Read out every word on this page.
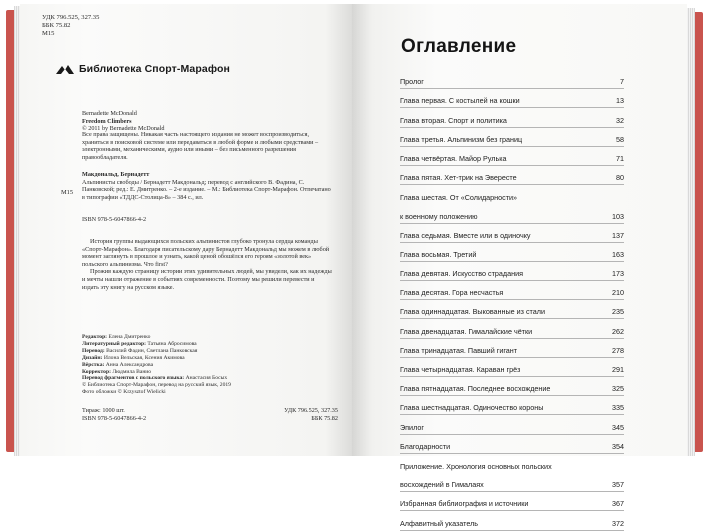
УДК 796.525, 327.35
ББК 75.82
М15
Библиотека Спорт-Марафон
Bernadette McDonald
Freedom Climbers
© 2011 by Bernadette McDonald
Все права защищены. Никакая часть настоящего издания не может воспроизводиться, храниться в поисковой системе или передаваться в любой форме и любыми средствами – электронными, механическими, аудио или иными – без письменного разрешения правообладателя.
М15
Макдональд, Бернадетт
Альпинисты свободы / Бернадетт Макдональд; перевод с английского В. Фадина, С. Панковской; ред.: Е. Дмитренко. – 2-е издание. – М.: Библиотека Спорт-Марафон. Отпечатано в типографии «ТДДС-Столица-8» – 384 с., ил.
ISBN 978-5-6047866-4-2

История группы выдающихся польских альпинистов глубоко тронула сердца команды «Спорт-Марафон». Благодаря писательскому дару Бернадетт Макдональд мы можем в любой момент заглянуть в прошлое и узнать, какой ценой обошёлся его героям «золотой век» польского альпинизма. Что first?

Прожив каждую страницу истории этих удивительных людей, мы увидели, как их надежды и мечты нашли отражение в событиях современности. Поэтому мы решили перевести и издать эту книгу на русском языке.

Редактор: Елена Дмитренко
Литературный редактор: Татьяна Абросимова
Перевод: Василий Фадин, Светлана Панковская
Дизайн: Илона Вельская, Ксения Акимова
Вёрстка: Анна Александрова
Корректор: Людмила Ванио
Перевод фрагментов с польского языка: Анастасия Босых
© Библиотека Спорт-Марафон, перевод на русский язык, 2019
Фото обложки © Krzysztof Wielicki
Тираж: 1000 шт.
ISBN 978-5-6047866-4-2
УДК 796.525, 327.35
ББК 75.82
Оглавление
Пролог	7
Глава первая. С костылей на кошки	13
Глава вторая. Спорт и политика	32
Глава третья. Альпинизм без границ	58
Глава четвёртая. Майор Рулька	71
Глава пятая. Хет-трик на Эвересте	80
Глава шестая. От «Солидарности»
к военному положению	103
Глава седьмая. Вместе или в одиночку	137
Глава восьмая. Третий	163
Глава девятая. Искусство страдания	173
Глава десятая. Гора несчастья	210
Глава одиннадцатая. Выкованные из стали	235
Глава двенадцатая. Гималайские чётки	262
Глава тринадцатая. Павший гигант	278
Глава четырнадцатая. Караван грёз	291
Глава пятнадцатая. Последнее восхождение	325
Глава шестнадцатая. Одиночество короны	335
Эпилог	345
Благодарности	354
Приложение. Хронология основных польских
восхождений в Гималаях	357
Избранная библиография и источники	367
Алфавитный указатель	372
